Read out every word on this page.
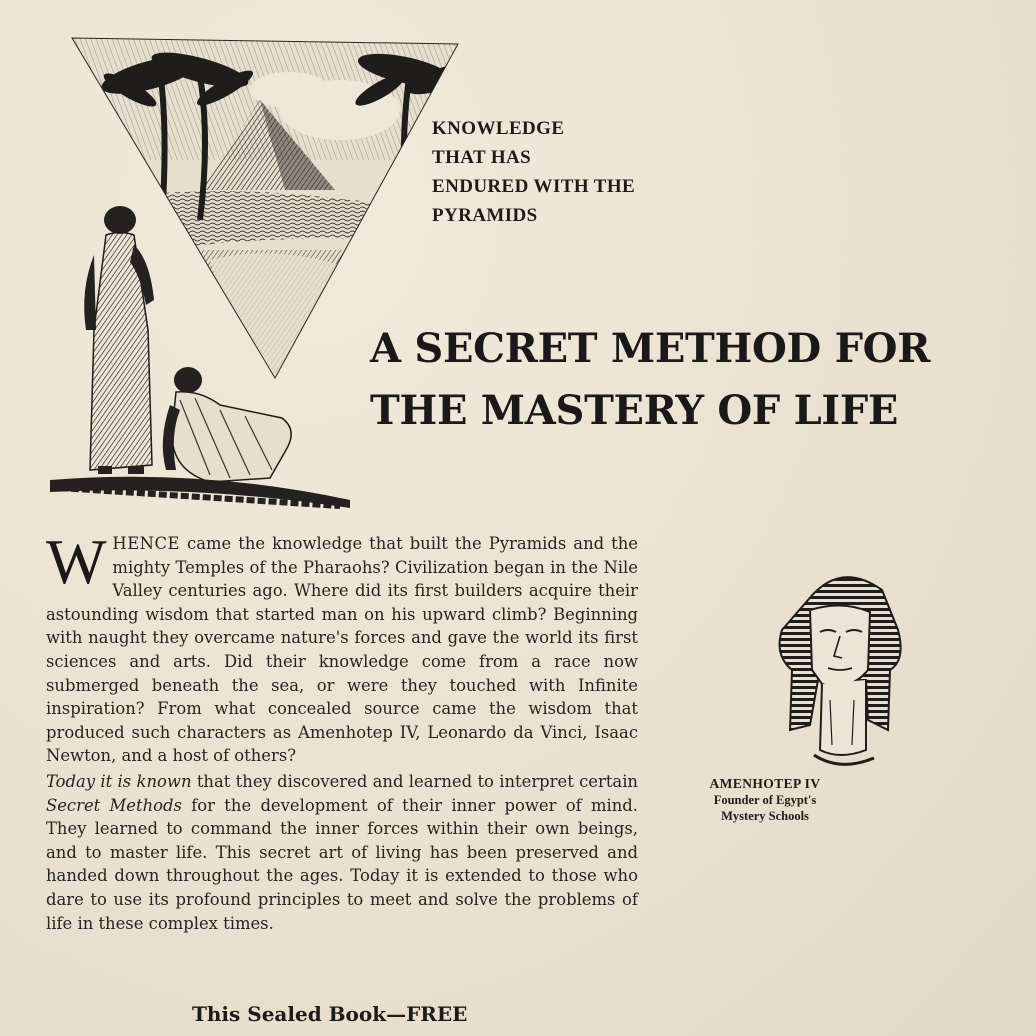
KNOWLEDGE
THAT HAS
ENDURED WITH THE
PYRAMIDS
A SECRET METHOD FOR
THE MASTERY OF LIFE

WHENCE came the knowledge that built the Pyramids and the mighty Temples of the Pharaohs? Civilization began in the Nile Valley centuries ago. Where did its first builders acquire their astounding wisdom that started man on his upward climb? Beginning with naught they overcame nature's forces and gave the world its first sciences and arts. Did their knowledge come from a race now submerged beneath the sea, or were they touched with Infinite inspiration? From what concealed source came the wisdom that produced such characters as Amenhotep IV, Leonardo da Vinci, Isaac Newton, and a host of others?

Today it is known that they discovered and learned to interpret certain Secret Methods for the development of their inner power of mind. They learned to command the inner forces within their own beings, and to master life. This secret art of living has been preserved and handed down throughout the ages. Today it is extended to those who dare to use its profound principles to meet and solve the problems of life in these complex times.

This Sealed Book—FREE
AMENHOTEP IV
Founder of Egypt's
Mystery Schools
